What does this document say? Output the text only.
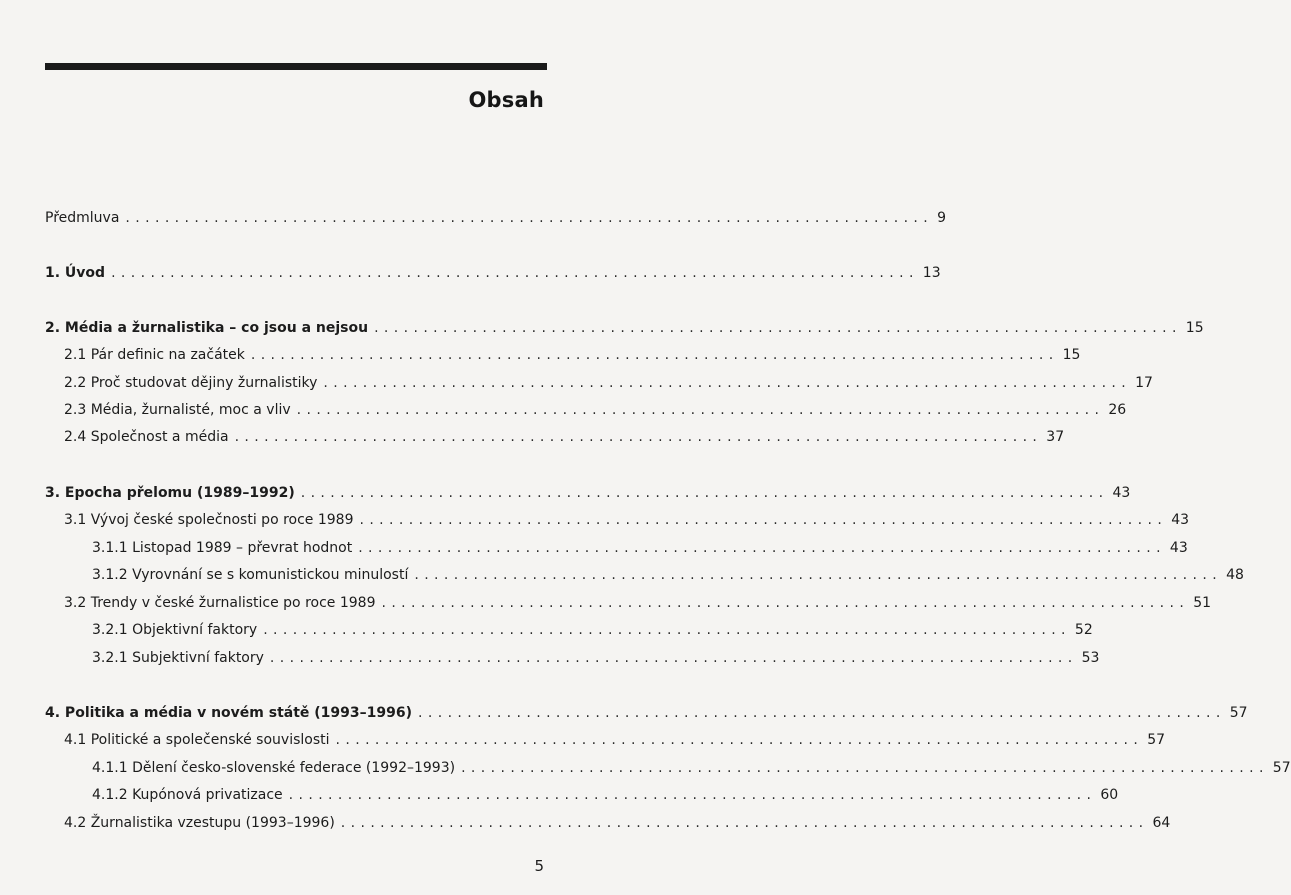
Obsah
Předmluva .................................................................................. 9
1. Úvod .................................................................................. 13
2. Média a žurnalistika – co jsou a nejsou .................................................................................. 15
2.1 Pár definic na začátek .................................................................................. 15
2.2 Proč studovat dějiny žurnalistiky .................................................................................. 17
2.3 Média, žurnalisté, moc a vliv .................................................................................. 26
2.4 Společnost a média .................................................................................. 37
3. Epocha přelomu (1989–1992) .................................................................................. 43
3.1 Vývoj české společnosti po roce 1989 .................................................................................. 43
3.1.1 Listopad 1989 – převrat hodnot .................................................................................. 43
3.1.2 Vyrovnání se s komunistickou minulostí .................................................................................. 48
3.2 Trendy v české žurnalistice po roce 1989 .................................................................................. 51
3.2.1 Objektivní faktory .................................................................................. 52
3.2.1 Subjektivní faktory .................................................................................. 53
4. Politika a média v novém státě (1993–1996) .................................................................................. 57
4.1 Politické a společenské souvislosti .................................................................................. 57
4.1.1 Dělení česko-slovenské federace (1992–1993) .................................................................................. 57
4.1.2 Kupónová privatizace .................................................................................. 60
4.2 Žurnalistika vzestupu (1993–1996) .................................................................................. 64
5
